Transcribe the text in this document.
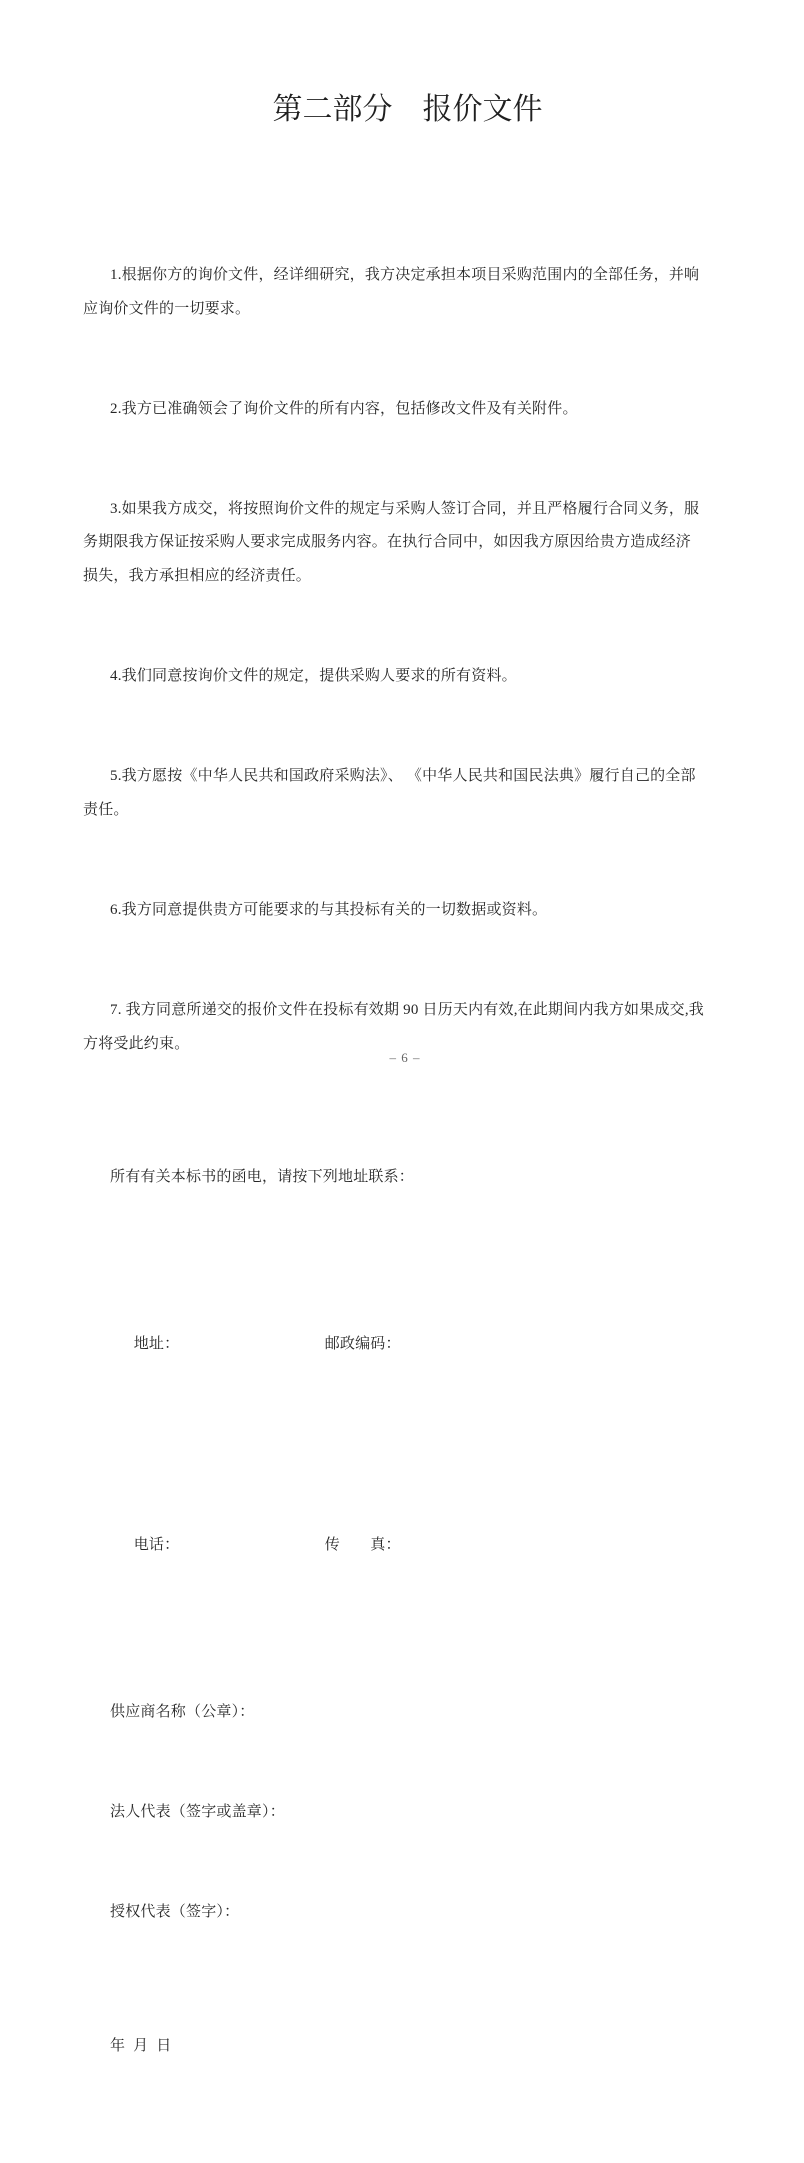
第二部分　报价文件

1.根据你方的询价文件，经详细研究，我方决定承担本项目采购范围内的全部任务，并响应询价文件的一切要求。

2.我方已准确领会了询价文件的所有内容，包括修改文件及有关附件。

3.如果我方成交，将按照询价文件的规定与采购人签订合同，并且严格履行合同义务，服务期限我方保证按采购人要求完成服务内容。在执行合同中，如因我方原因给贵方造成经济损失，我方承担相应的经济责任。

4.我们同意按询价文件的规定，提供采购人要求的所有资料。

5.我方愿按《中华人民共和国政府采购法》、 《中华人民共和国民法典》履行自己的全部责任。

6.我方同意提供贵方可能要求的与其投标有关的一切数据或资料。

7. 我方同意所递交的报价文件在投标有效期 90 日历天内有效,在此期间内我方如果成交,我方将受此约束。

所有有关本标书的函电，请按下列地址联系：

地址：	邮政编码：

电话：	传　　真：

供应商名称（公章）：

法人代表（签字或盖章）：

授权代表（签字）：

年  月  日

– 6 –
